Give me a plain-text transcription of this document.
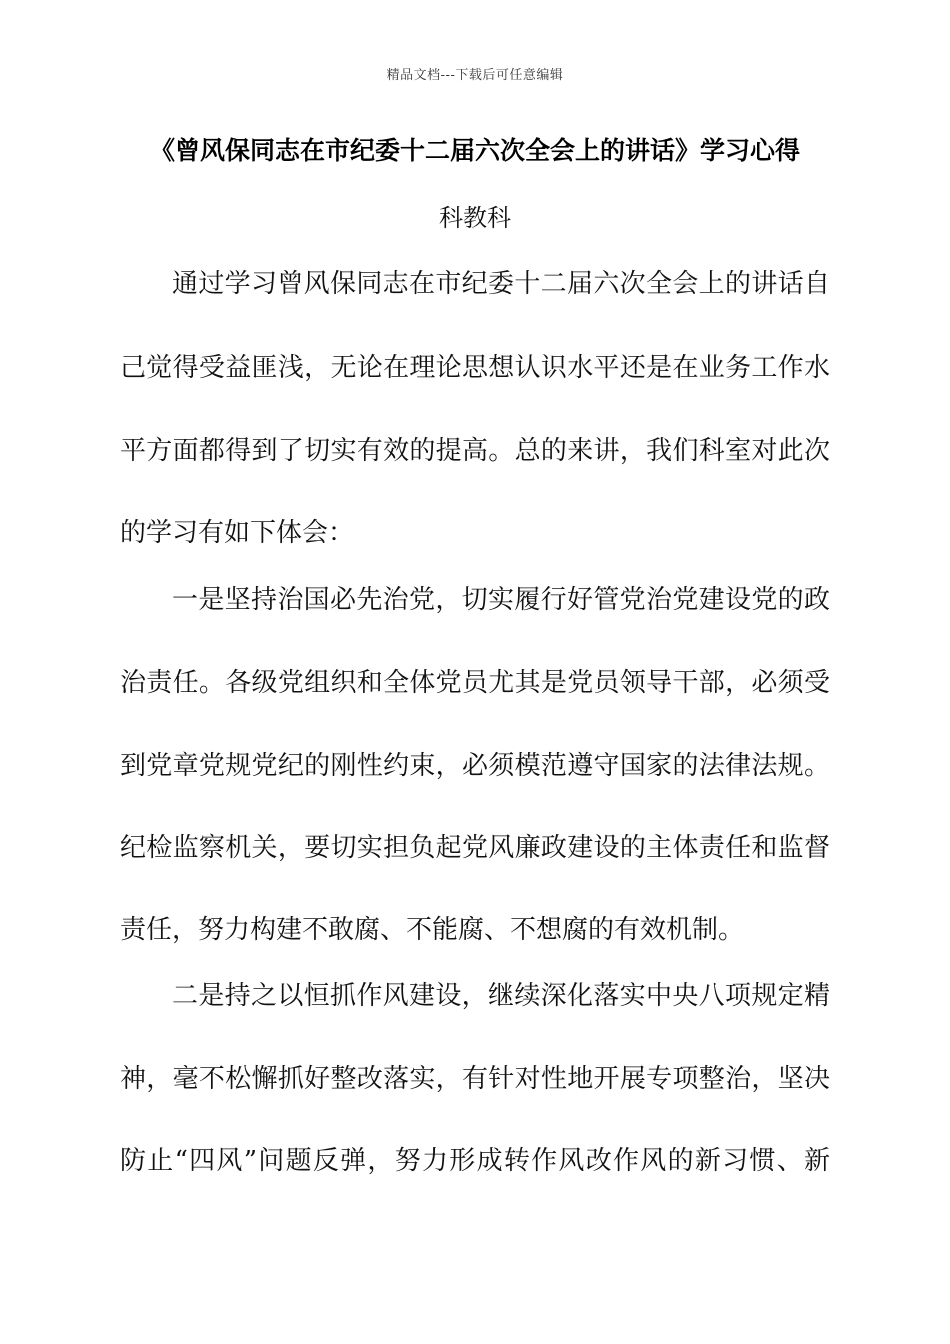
精品文档---下载后可任意编辑
《曾风保同志在市纪委十二届六次全会上的讲话》学习心得
科教科
通过学习曾风保同志在市纪委十二届六次全会上的讲话自
己觉得受益匪浅，无论在理论思想认识水平还是在业务工作水
平方面都得到了切实有效的提高。总的来讲，我们科室对此次
的学习有如下体会：
一是坚持治国必先治党，切实履行好管党治党建设党的政
治责任。各级党组织和全体党员尤其是党员领导干部，必须受
到党章党规党纪的刚性约束，必须模范遵守国家的法律法规。
纪检监察机关，要切实担负起党风廉政建设的主体责任和监督
责任，努力构建不敢腐、不能腐、不想腐的有效机制。
二是持之以恒抓作风建设，继续深化落实中央八项规定精
神，毫不松懈抓好整改落实，有针对性地开展专项整治，坚决
防止“四风”问题反弹，努力形成转作风改作风的新习惯、新
